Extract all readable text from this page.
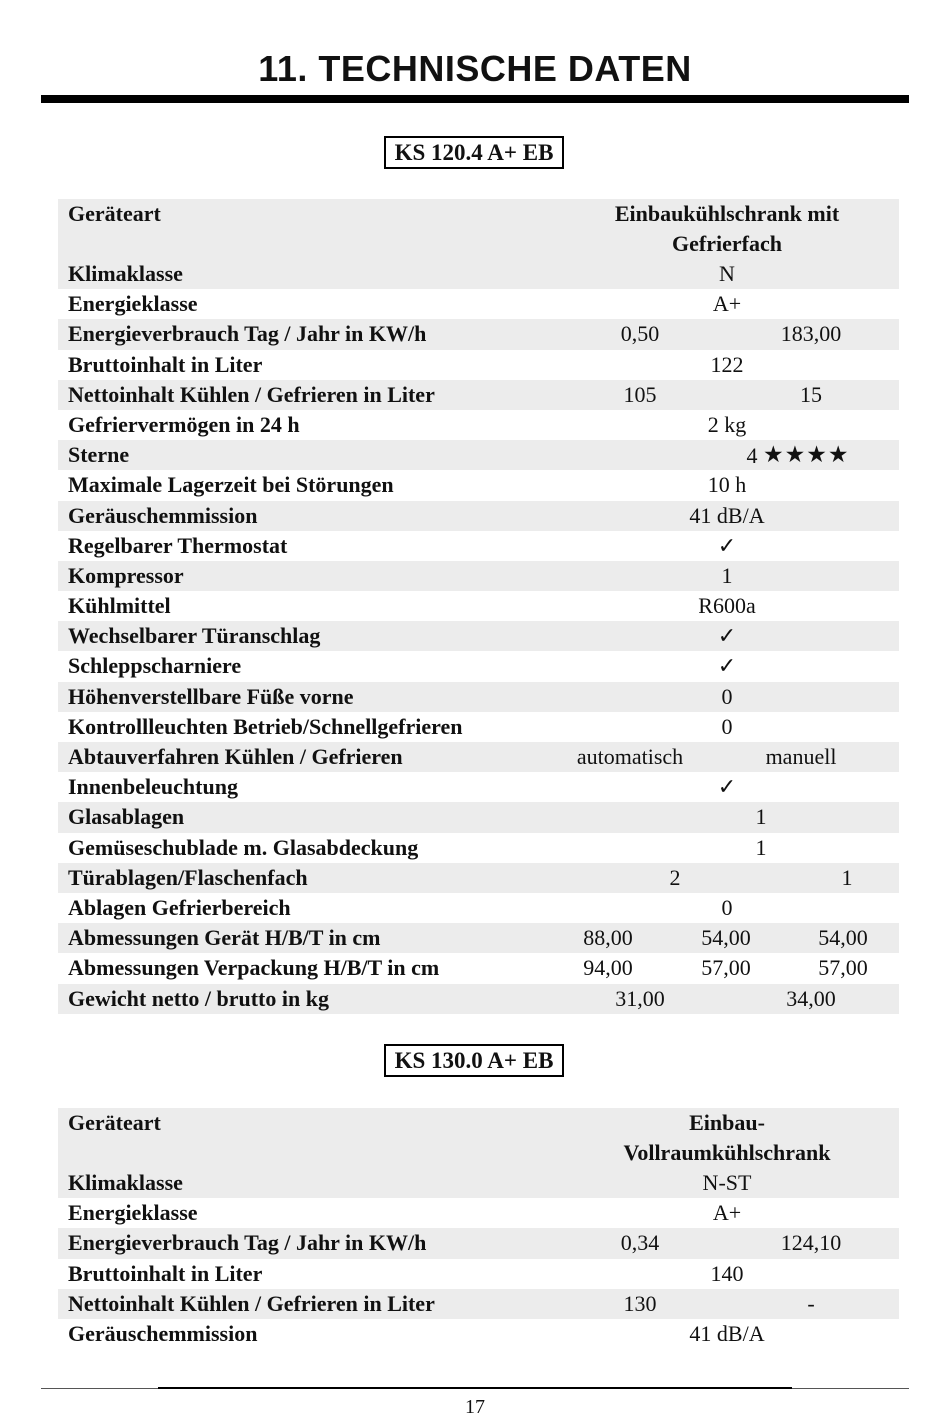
11. TECHNISCHE DATEN
KS 120.4 A+ EB
Geräteart	Einbaukühlschrank mit Gefrierfach
Klimaklasse	N
Energieklasse	A+
Energieverbrauch Tag / Jahr in KW/h	0,50	183,00
Bruttoinhalt in Liter	122
Nettoinhalt Kühlen / Gefrieren in Liter	105	15
Gefriervermögen in 24 h	2 kg
Sterne	4 ★★★★
Maximale Lagerzeit bei Störungen	10 h
Geräuschemmission	41 dB/A
Regelbarer Thermostat	✓
Kompressor	1
Kühlmittel	R600a
Wechselbarer Türanschlag	✓
Schleppscharniere	✓
Höhenverstellbare Füße vorne	0
Kontrollleuchten Betrieb/Schnellgefrieren	0
Abtauverfahren Kühlen / Gefrieren	automatisch	manuell
Innenbeleuchtung	✓
Glasablagen	1
Gemüseschublade m. Glasabdeckung	1
Türablagen/Flaschenfach	2	1
Ablagen Gefrierbereich	0
Abmessungen Gerät H/B/T in cm	88,00	54,00	54,00
Abmessungen Verpackung H/B/T in cm	94,00	57,00	57,00
Gewicht netto / brutto in kg	31,00	34,00
KS 130.0 A+ EB
Geräteart	Einbau-Vollraumkühlschrank
Klimaklasse	N-ST
Energieklasse	A+
Energieverbrauch Tag / Jahr in KW/h	0,34	124,10
Bruttoinhalt in Liter	140
Nettoinhalt Kühlen / Gefrieren in Liter	130	-
Geräuschemmission	41 dB/A
17
